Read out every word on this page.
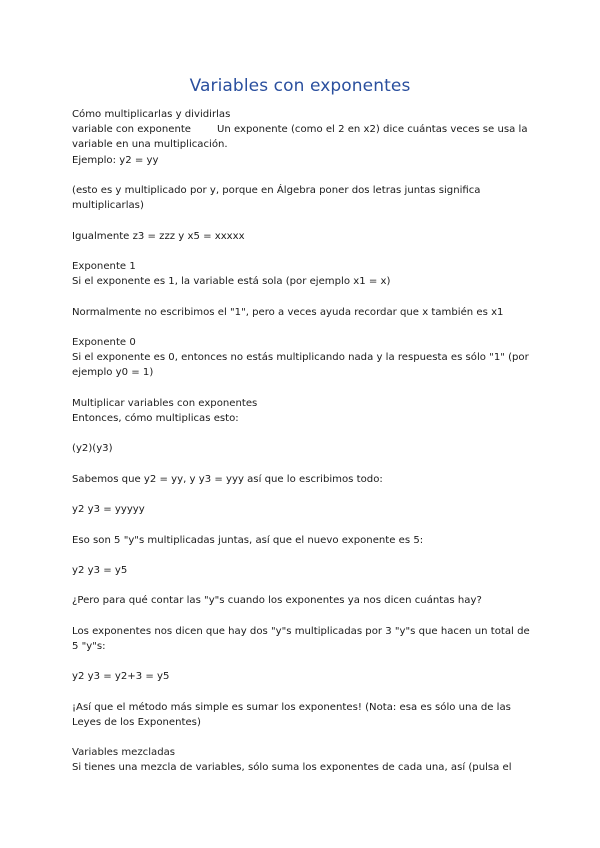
Variables con exponentes

Cómo multiplicarlas y dividirlas

variable con exponente	Un exponente (como el 2 en x2) dice cuántas veces se usa la

variable en una multiplicación.

Ejemplo: y2 = yy

(esto es y multiplicado por y, porque en Álgebra poner dos letras juntas significa multiplicarlas)

Igualmente z3 = zzz y x5 = xxxxx

Exponente 1

Si el exponente es 1, la variable está sola (por ejemplo x1 = x)

Normalmente no escribimos el "1", pero a veces ayuda recordar que x también es x1

Exponente 0

Si el exponente es 0, entonces no estás multiplicando nada y la respuesta es sólo "1" (por ejemplo y0 = 1)

Multiplicar variables con exponentes

Entonces, cómo multiplicas esto:

(y2)(y3)

Sabemos que y2 = yy, y y3 = yyy así que lo escribimos todo:

y2 y3 = yyyyy

Eso son 5 "y"s multiplicadas juntas, así que el nuevo exponente es 5:

y2 y3 = y5

¿Pero para qué contar las "y"s cuando los exponentes ya nos dicen cuántas hay?

Los exponentes nos dicen que hay dos "y"s multiplicadas por 3 "y"s que hacen un total de 5 "y"s:

y2 y3 = y2+3 = y5

¡Así que el método más simple es sumar los exponentes! (Nota: esa es sólo una de las Leyes de los Exponentes)

Variables mezcladas

Si tienes una mezcla de variables, sólo suma los exponentes de cada una, así (pulsa el
